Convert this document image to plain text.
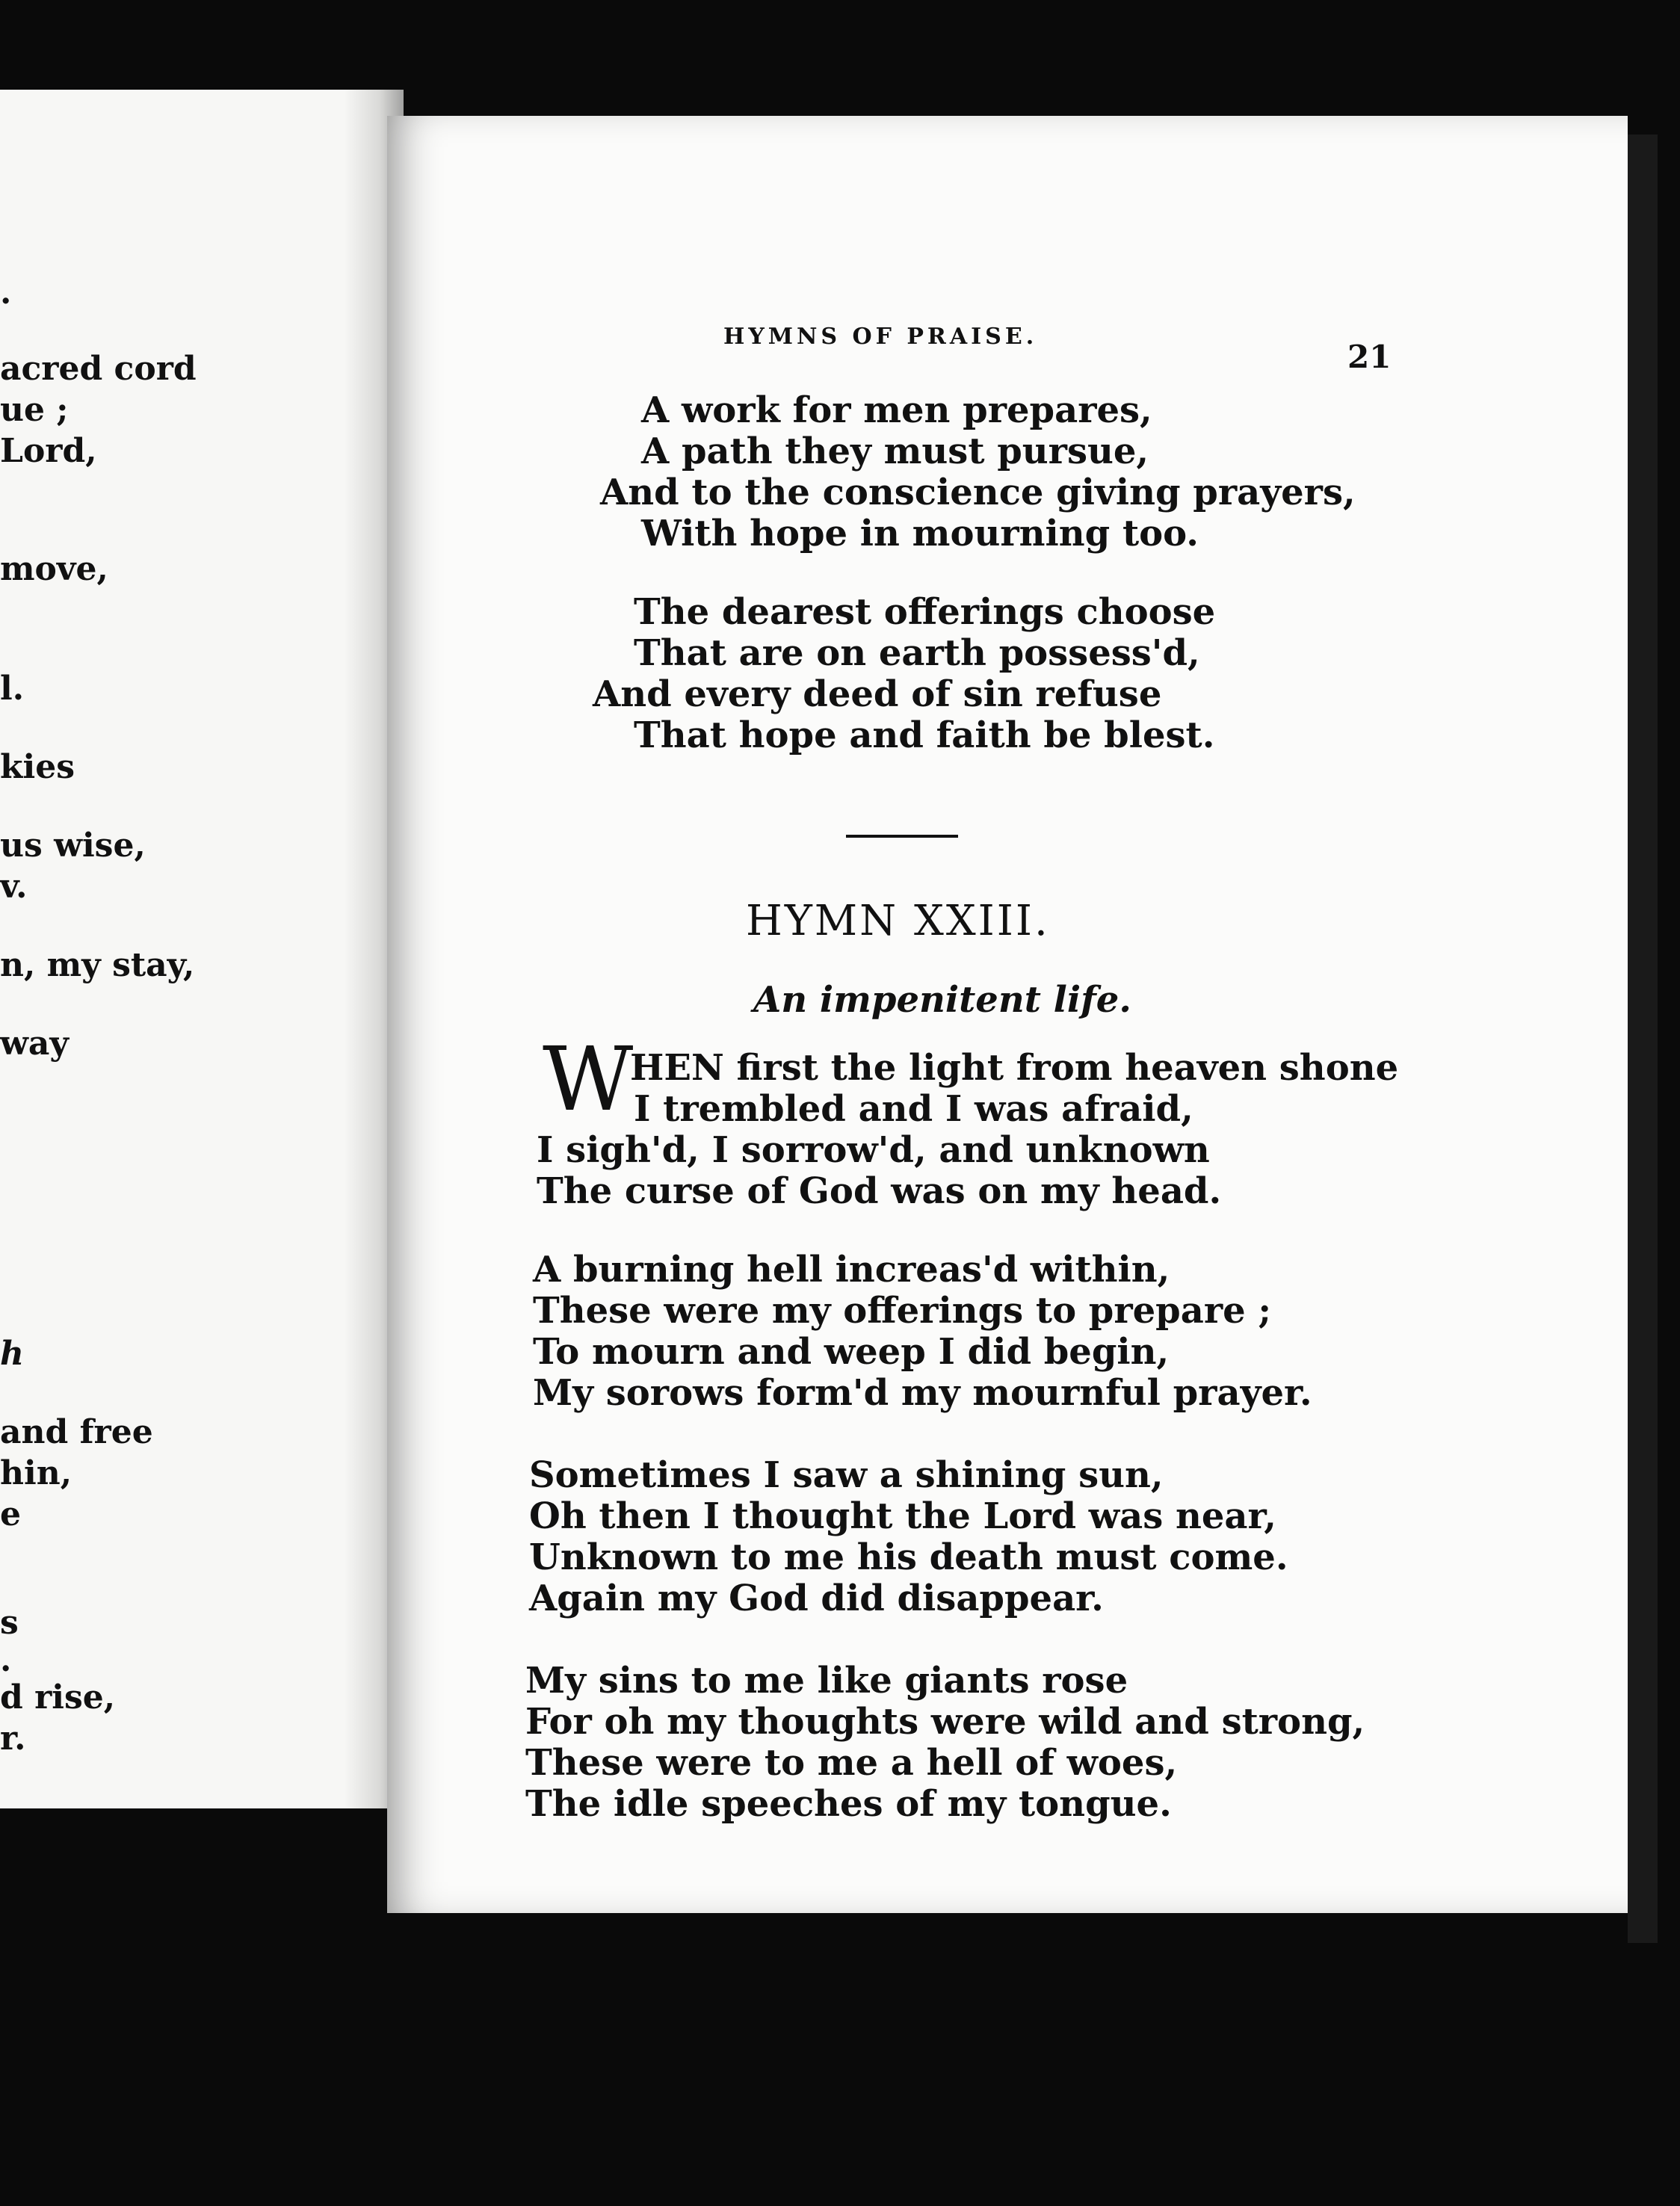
.
acred cord
ue ;
Lord,
move,
l.
kies
us wise,
v.
n, my stay,
way
h
and free
hin,
e
s
.
d rise,
r.
HYMNS OF PRAISE.
21
A work for men prepares,
A path they must pursue,
And to the conscience giving prayers,
With hope in mourning too.
The dearest offerings choose
That are on earth possess'd,
And every deed of sin refuse
That hope and faith be blest.
HYMN XXIII.
An impenitent life.
W
HEN first the light from heaven shone
I trembled and I was afraid,
I sigh'd, I sorrow'd, and unknown
The curse of God was on my head.
A burning hell increas'd within,
These were my offerings to prepare ;
To mourn and weep I did begin,
My sorows form'd my mournful prayer.
Sometimes I saw a shining sun,
Oh then I thought the Lord was near,
Unknown to me his death must come.
Again my God did disappear.
My sins to me like giants rose
For oh my thoughts were wild and strong,
These were to me a hell of woes,
The idle speeches of my tongue.
